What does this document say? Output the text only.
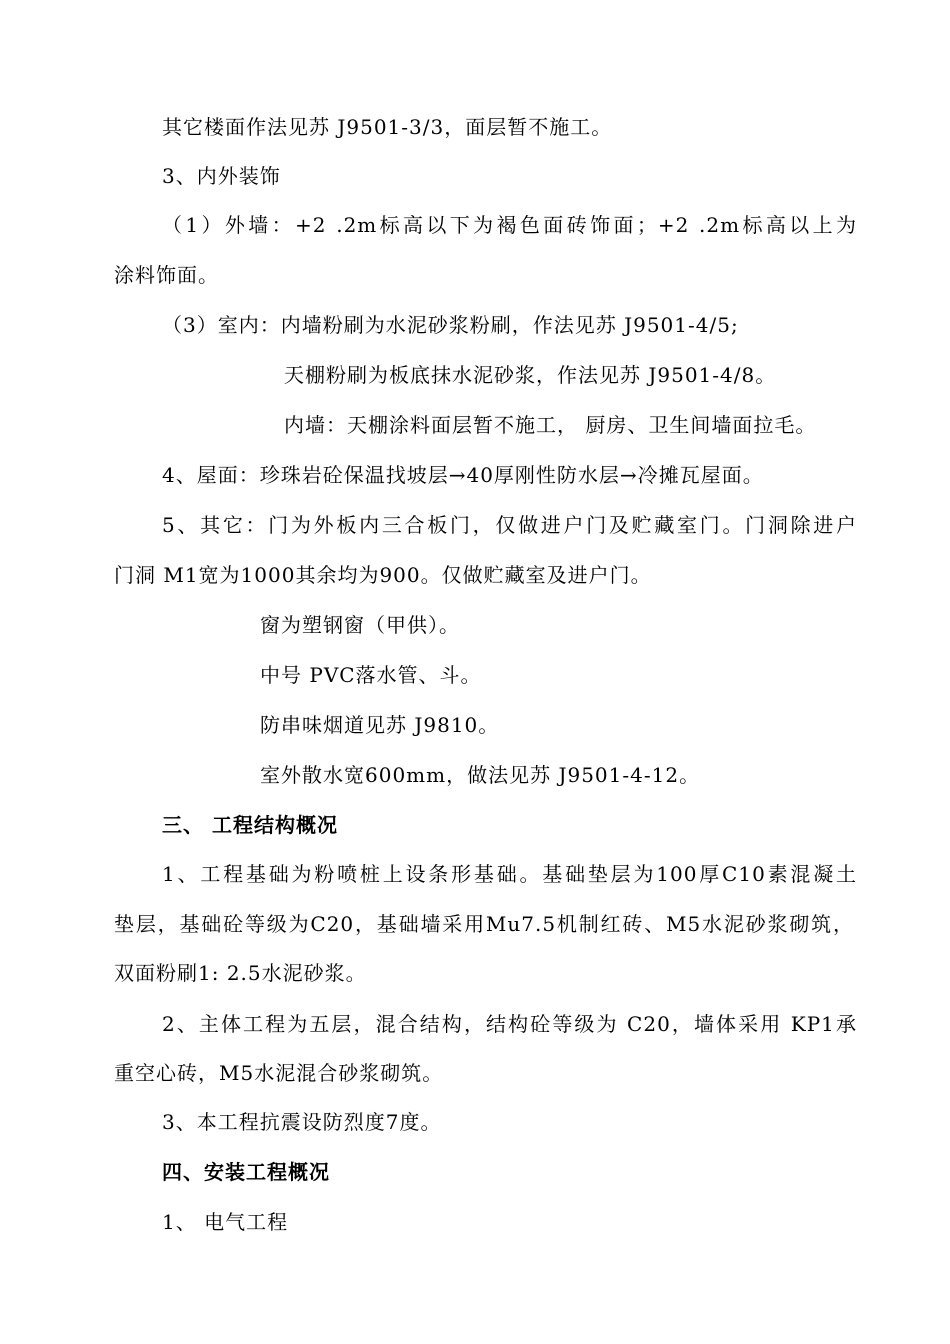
其它楼面作法见苏 J9501-3/3，面层暂不施工。
3、内外装饰
（1）外墙：+2 .2m标高以下为褐色面砖饰面；+2 .2m标高以上为
涂料饰面。
（3）室内：内墙粉刷为水泥砂浆粉刷，作法见苏 J9501-4/5;
天棚粉刷为板底抹水泥砂浆，作法见苏 J9501-4/8。
内墙：天棚涂料面层暂不施工， 厨房、卫生间墙面拉毛。
4、屋面：珍珠岩砼保温找坡层→40厚刚性防水层→冷摊瓦屋面。
5、其它：门为外板内三合板门，仅做进户门及贮藏室门。门洞除进户
门洞 M1宽为1000其余均为900。仅做贮藏室及进户门。
窗为塑钢窗（甲供）。
中号 PVC落水管、斗。
防串味烟道见苏 J9810。
室外散水宽600mm，做法见苏 J9501-4-12。
三、 工程结构概况
1、工程基础为粉喷桩上设条形基础。基础垫层为100厚C10素混凝土
垫层，基础砼等级为C20，基础墙采用Mu7.5机制红砖、M5水泥砂浆砌筑，
双面粉刷1: 2.5水泥砂浆。
2、主体工程为五层，混合结构，结构砼等级为 C20，墙体采用 KP1承
重空心砖，M5水泥混合砂浆砌筑。
3、本工程抗震设防烈度7度。
四、安装工程概况
1、 电气工程
